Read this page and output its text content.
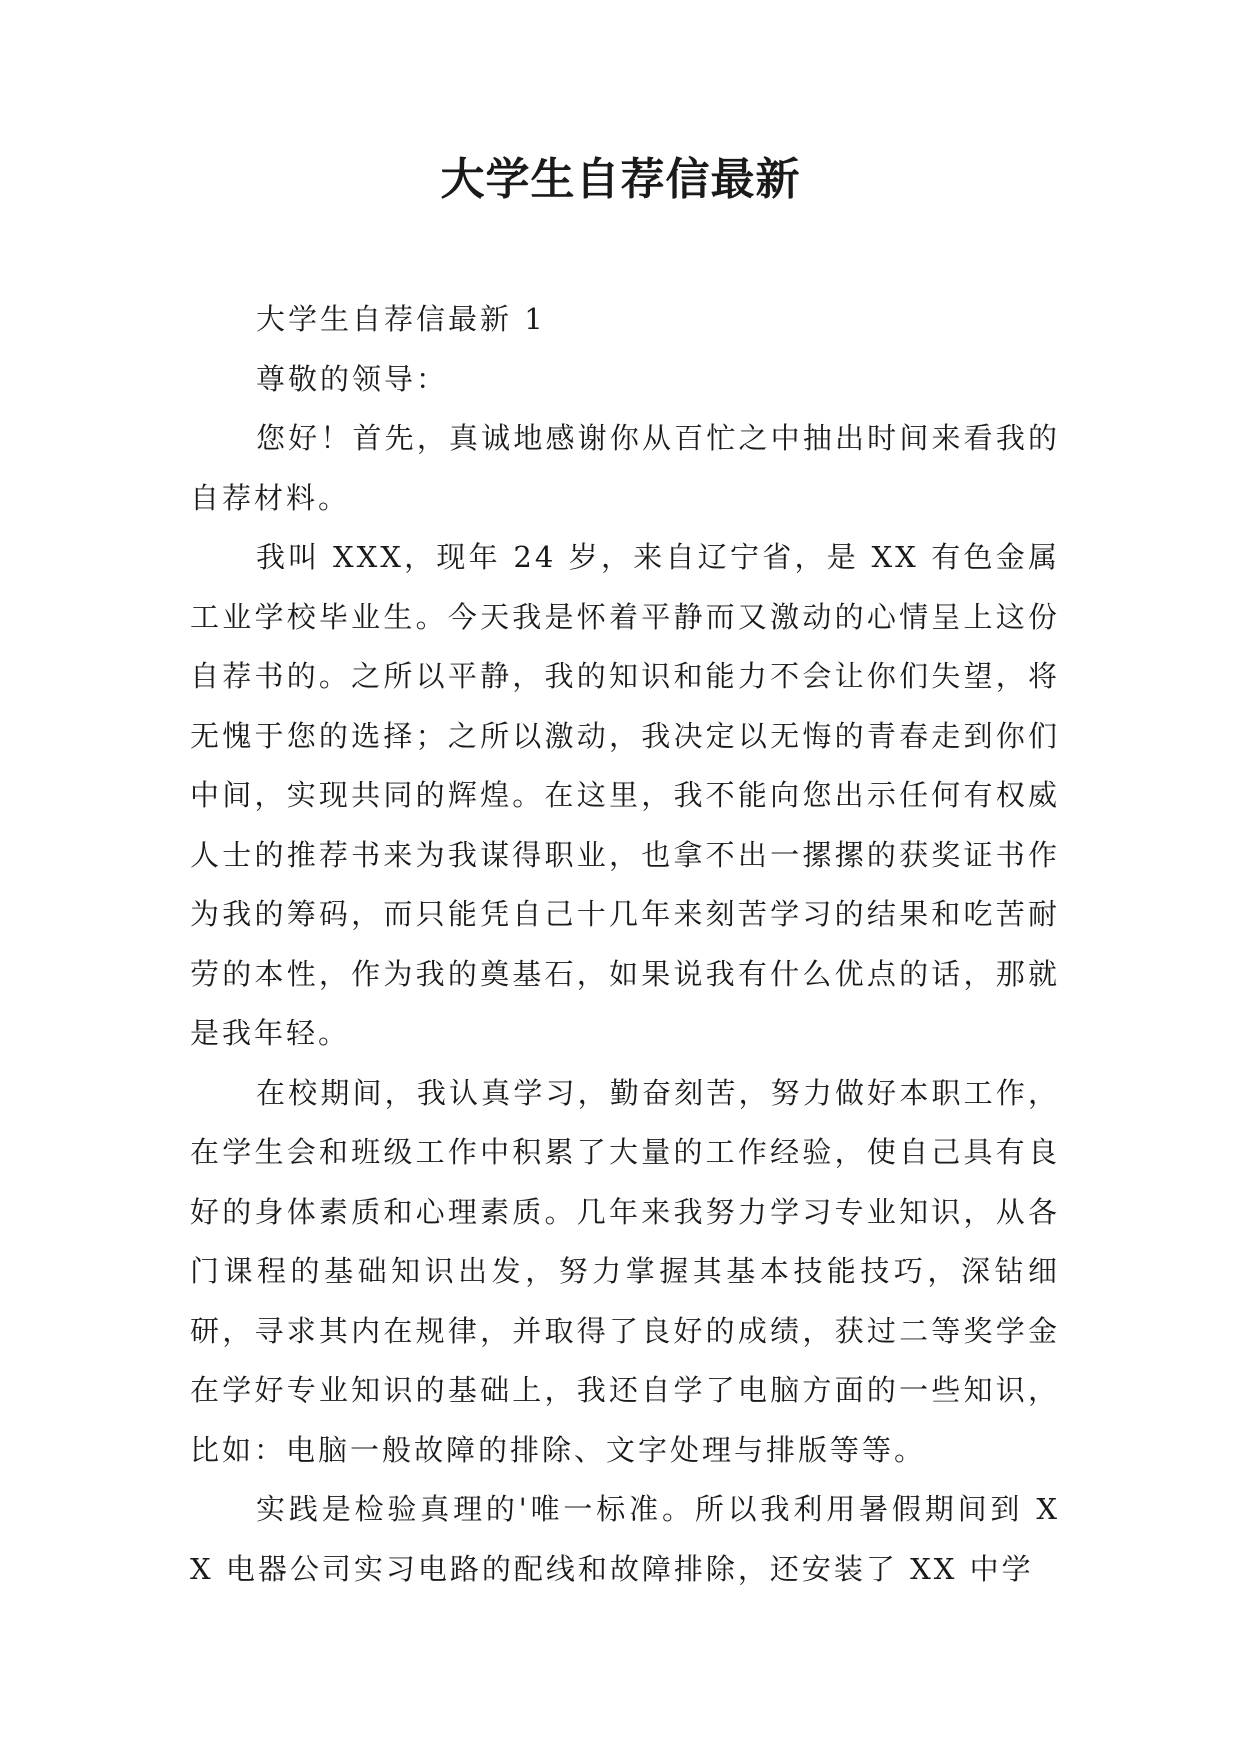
大学生自荐信最新

大学生自荐信最新 1

尊敬的领导：

您好！首先，真诚地感谢你从百忙之中抽出时间来看我的自荐材料。

我叫 XXX，现年 24 岁，来自辽宁省，是 XX 有色金属工业学校毕业生。今天我是怀着平静而又激动的心情呈上这份自荐书的。之所以平静，我的知识和能力不会让你们失望，将无愧于您的选择；之所以激动，我决定以无悔的青春走到你们中间，实现共同的辉煌。在这里，我不能向您出示任何有权威人士的推荐书来为我谋得职业，也拿不出一摞摞的获奖证书作为我的筹码，而只能凭自己十几年来刻苦学习的结果和吃苦耐劳的本性，作为我的奠基石，如果说我有什么优点的话，那就是我年轻。

在校期间，我认真学习，勤奋刻苦，努力做好本职工作，在学生会和班级工作中积累了大量的工作经验，使自己具有良好的身体素质和心理素质。几年来我努力学习专业知识，从各门课程的基础知识出发，努力掌握其基本技能技巧，深钻细研，寻求其内在规律，并取得了良好的成绩，获过二等奖学金在学好专业知识的基础上，我还自学了电脑方面的一些知识，比如：电脑一般故障的排除、文字处理与排版等等。

实践是检验真理的'唯一标准。所以我利用暑假期间到 XX 电器公司实习电路的配线和故障排除，还安装了 XX 中学
